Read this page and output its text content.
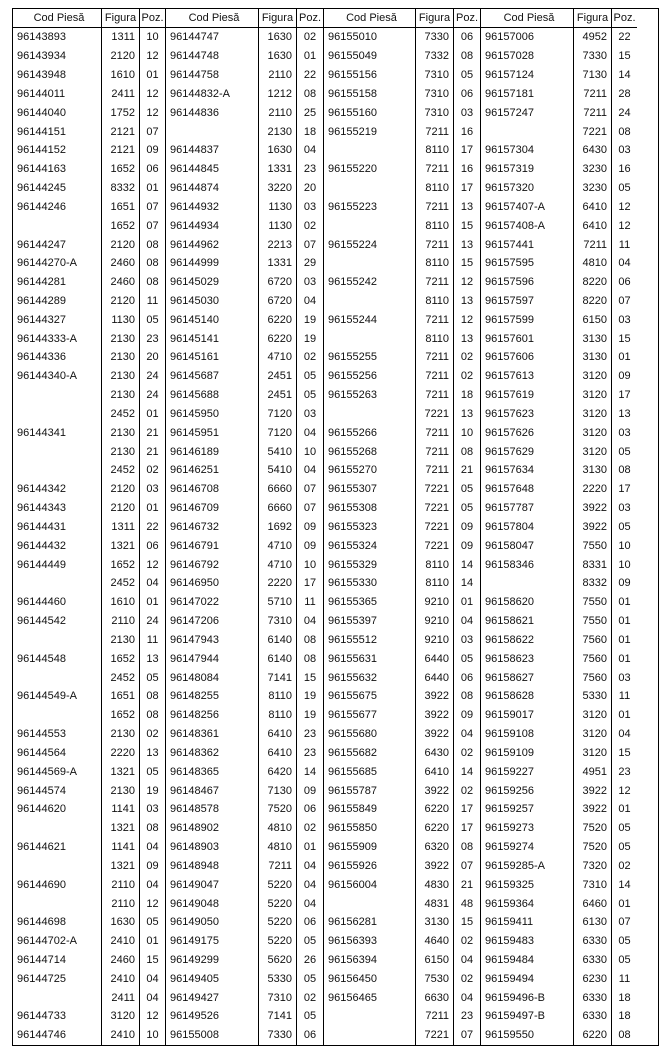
Cod Piesă	Figura Poz.
96143893	1311	10
96143934	2120	12
96143948	1610	01
96144011	2411	12
96144040	1752	12
96144151	2121	07
96144152	2121	09
96144163	1652	06
96144245	8332	01
96144246	1651	07
1652	07
96144247	2120	08
96144270-A	2460	08
96144281	2460	08
96144289	2120	11
96144327	1130	05
96144333-A	2130	23
96144336	2130	20
96144340-A	2130	24
2130	24
2452	01
96144341	2130	21
2130	21
2452	02
96144342	2120	03
96144343	2120	01
96144431	1311	22
96144432	1321	06
96144449	1652	12
2452	04
96144460	1610	01
96144542	2110	24
2130	11
96144548	1652	13
2452	05
96144549-A	1651	08
1652	08
96144553	2130	02
96144564	2220	13
96144569-A	1321	05
96144574	2130	19
96144620	1141	03
1321	08
96144621	1141	04
1321	09
96144690	2110	04
2110	12
96144698	1630	05
96144702-A	2410	01
96144714	2460	15
96144725	2410	04
2411	04
96144733	3120	12
96144746	2410	10
Cod Piesă	Figura Poz.
96144747	1630	02
96144748	1630	01
96144758	2110	22
96144832-A	1212	08
96144836	2110	25
2130	18
96144837	1630	04
96144845	1331	23
96144874	3220	20
96144932	1130	03
96144934	1130	02
96144962	2213	07
96144999	1331	29
96145029	6720	03
96145030	6720	04
96145140	6220	19
96145141	6220	19
96145161	4710	02
96145687	2451	05
96145688	2451	05
96145950	7120	03
96145951	7120	04
96146189	5410	10
96146251	5410	04
96146708	6660	07
96146709	6660	07
96146732	1692	09
96146791	4710	09
96146792	4710	10
96146950	2220	17
96147022	5710	11
96147206	7310	04
96147943	6140	08
96147944	6140	08
96148084	7141	15
96148255	8110	19
96148256	8110	19
96148361	6410	23
96148362	6410	23
96148365	6420	14
96148467	7130	09
96148578	7520	06
96148902	4810	02
96148903	4810	01
96148948	7211	04
96149047	5220	04
96149048	5220	04
96149050	5220	06
96149175	5220	05
96149299	5620	26
96149405	5330	05
96149427	7310	02
96149526	7141	05
96155008	7330	06
Cod Piesă	Figura Poz.
96155010	7330	06
96155049	7332	08
96155156	7310	05
96155158	7310	06
96155160	7310	03
96155219	7211	16
8110	17
96155220	7211	16
8110	17
96155223	7211	13
8110	15
96155224	7211	13
8110	15
96155242	7211	12
8110	13
96155244	7211	12
8110	13
96155255	7211	02
96155256	7211	02
96155263	7211	18
7221	13
96155266	7211	10
96155268	7211	08
96155270	7211	21
96155307	7221	05
96155308	7221	05
96155323	7221	09
96155324	7221	09
96155329	8110	14
96155330	8110	14
96155365	9210	01
96155397	9210	04
96155512	9210	03
96155631	6440	05
96155632	6440	06
96155675	3922	08
96155677	3922	09
96155680	3922	04
96155682	6430	02
96155685	6410	14
96155787	3922	02
96155849	6220	17
96155850	6220	17
96155909	6320	08
96155926	3922	07
96156004	4830	21
4831	48
96156281	3130	15
96156393	4640	02
96156394	6150	04
96156450	7530	02
96156465	6630	04
7211	23
7221	07
Cod Piesă	Figura Poz.
96157006	4952	22
96157028	7330	15
96157124	7130	14
96157181	7211	28
96157247	7211	24
7221	08
96157304	6430	03
96157319	3230	16
96157320	3230	05
96157407-A	6410	12
96157408-A	6410	12
96157441	7211	11
96157595	4810	04
96157596	8220	06
96157597	8220	07
96157599	6150	03
96157601	3130	15
96157606	3130	01
96157613	3120	09
96157619	3120	17
96157623	3120	13
96157626	3120	03
96157629	3120	05
96157634	3130	08
96157648	2220	17
96157787	3922	03
96157804	3922	05
96158047	7550	10
96158346	8331	10
8332	09
96158620	7550	01
96158621	7550	01
96158622	7560	01
96158623	7560	01
96158627	7560	03
96158628	5330	11
96159017	3120	01
96159108	3120	04
96159109	3120	15
96159227	4951	23
96159256	3922	12
96159257	3922	01
96159273	7520	05
96159274	7520	05
96159285-A	7320	02
96159325	7310	14
96159364	6460	01
96159411	6130	07
96159483	6330	05
96159484	6330	05
96159494	6230	11
96159496-B	6330	18
96159497-B	6330	18
96159550	6220	08
